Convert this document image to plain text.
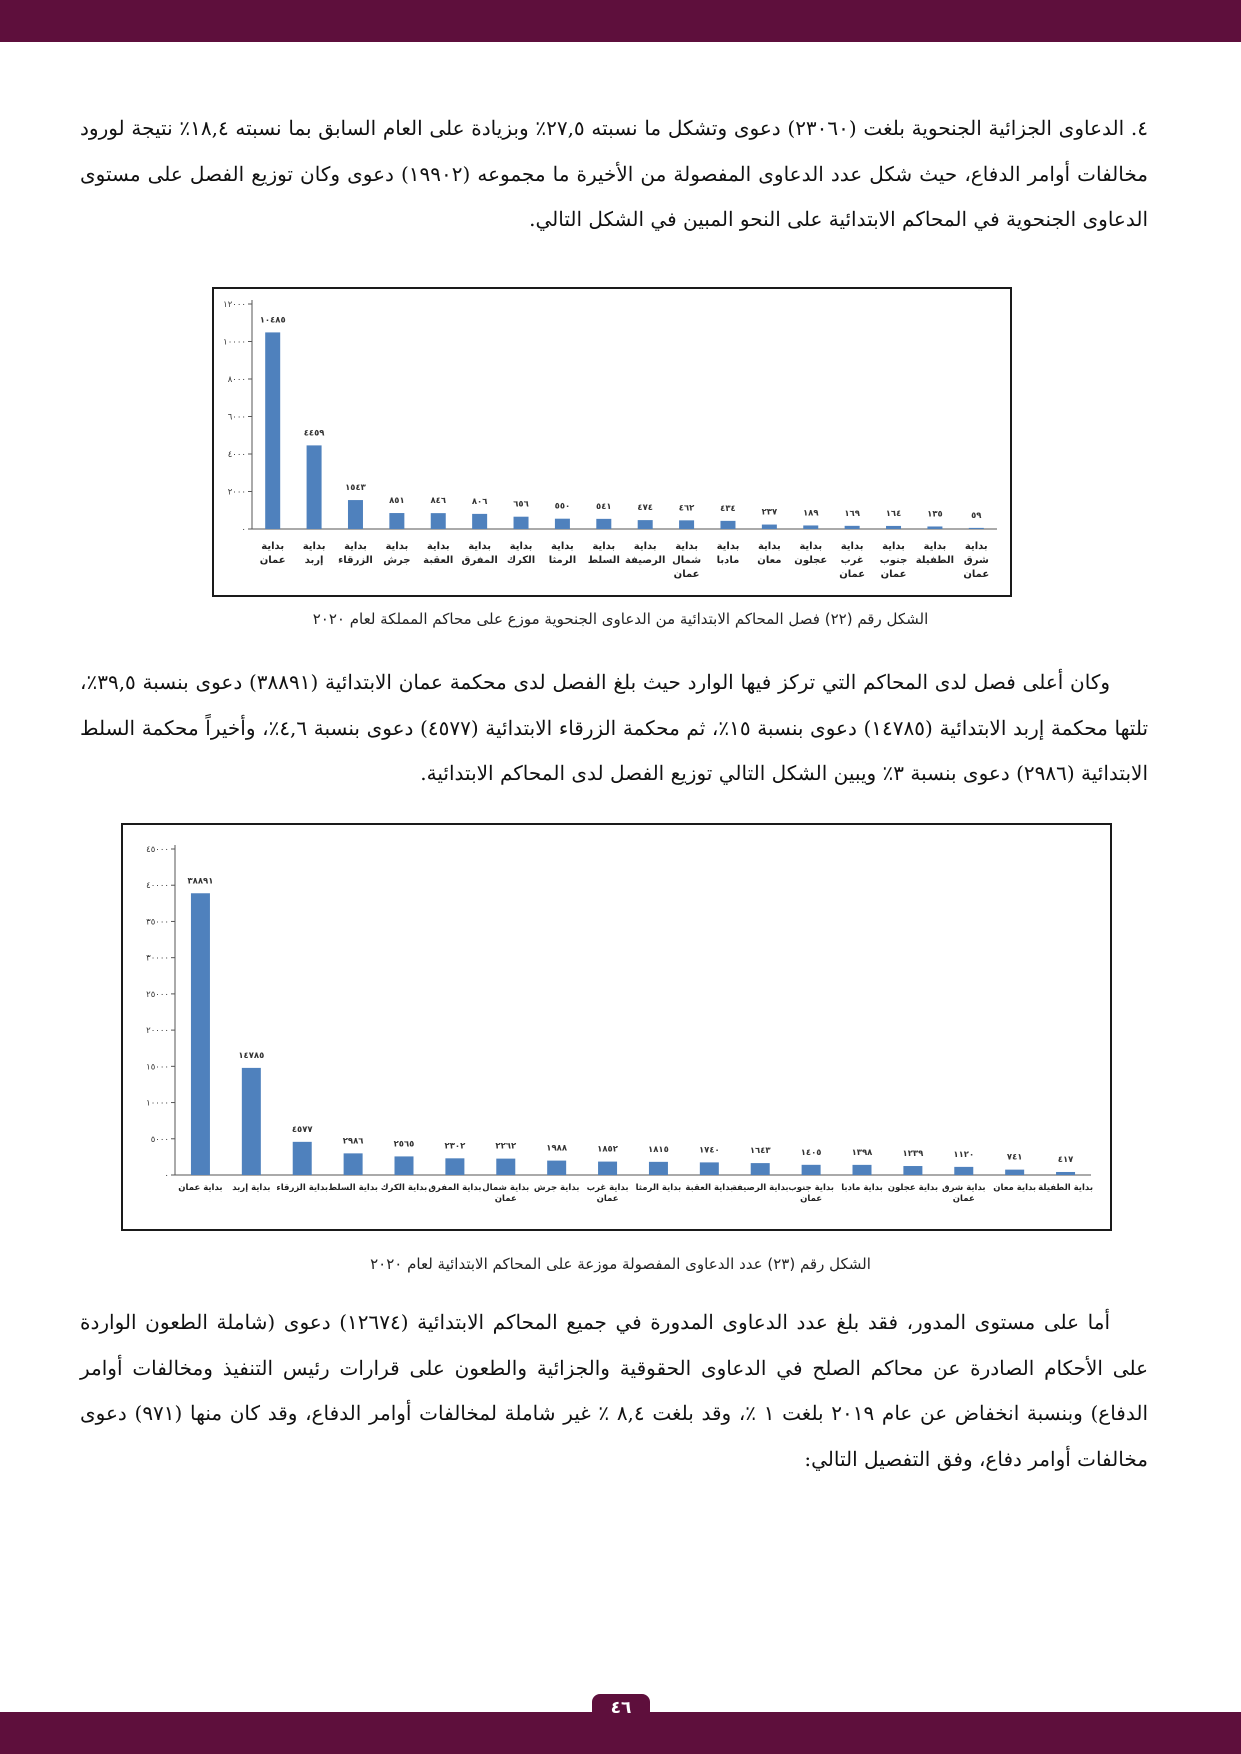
٤. الدعاوى الجزائية الجنحوية بلغت (٢٣٠٦٠) دعوى وتشكل ما نسبته ٢٧,٥٪ وبزيادة على العام السابق بما نسبته ١٨,٤٪ نتيجة لورود مخالفات أوامر الدفاع، حيث شكل عدد الدعاوى المفصولة من الأخيرة ما مجموعه (١٩٩٠٢) دعوى وكان توزيع الفصل على مستوى الدعاوى الجنحوية في المحاكم الابتدائية على النحو المبين في الشكل التالي.

٠
٢٠٠٠
٤٠٠٠
٦٠٠٠
٨٠٠٠
١٠٠٠٠
١٢٠٠٠
١٠٤٨٥
بداية عمان
٤٤٥٩
بداية إربد
١٥٤٣
بداية الزرقاء
٨٥١
بداية جرش
٨٤٦
بداية العقبة
٨٠٦
بداية المفرق
٦٥٦
بداية الكرك
٥٥٠
بداية الرمثا
٥٤١
بداية السلط
٤٧٤
بداية الرصيفة
٤٦٢
بداية شمال عمان
٤٣٤
بداية مادبا
٢٣٧
بداية معان
١٨٩
بداية عجلون
١٦٩
بداية غرب عمان
١٦٤
بداية جنوب عمان
١٣٥
بداية الطفيلة
٥٩
بداية شرق عمان
الشكل رقم (٢٢) فصل المحاكم الابتدائية من الدعاوى الجنحوية موزع على محاكم المملكة لعام ٢٠٢٠

وكان أعلى فصل لدى المحاكم التي تركز فيها الوارد حيث بلغ الفصل لدى محكمة عمان الابتدائية (٣٨٨٩١) دعوى بنسبة ٣٩,٥٪، تلتها محكمة إربد الابتدائية (١٤٧٨٥) دعوى بنسبة ١٥٪، ثم محكمة الزرقاء الابتدائية (٤٥٧٧) دعوى بنسبة ٤,٦٪، وأخيراً محكمة السلط الابتدائية (٢٩٨٦) دعوى بنسبة ٣٪ ويبين الشكل التالي توزيع الفصل لدى المحاكم الابتدائية.

٠
٥٠٠٠
١٠٠٠٠
١٥٠٠٠
٢٠٠٠٠
٢٥٠٠٠
٣٠٠٠٠
٣٥٠٠٠
٤٠٠٠٠
٤٥٠٠٠
٣٨٨٩١
بداية عمان
١٤٧٨٥
بداية إربد
٤٥٧٧
بداية الزرقاء
٢٩٨٦
بداية السلط
٢٥٦٥
بداية الكرك
٢٣٠٢
بداية المفرق
٢٢٦٢
بداية شمال عمان
١٩٨٨
بداية جرش
١٨٥٢
بداية غرب عمان
١٨١٥
بداية الرمثا
١٧٤٠
بداية العقبة
١٦٤٣
بداية الرصيفة
١٤٠٥
بداية جنوب عمان
١٣٩٨
بداية مادبا
١٢٣٩
بداية عجلون
١١٢٠
بداية شرق عمان
٧٤١
بداية معان
٤١٧
بداية الطفيلة
الشكل رقم (٢٣) عدد الدعاوى المفصولة موزعة على المحاكم الابتدائية لعام ٢٠٢٠

أما على مستوى المدور، فقد بلغ عدد الدعاوى المدورة في جميع المحاكم الابتدائية (١٢٦٧٤) دعوى (شاملة الطعون الواردة على الأحكام الصادرة عن محاكم الصلح في الدعاوى الحقوقية والجزائية والطعون على قرارات رئيس التنفيذ ومخالفات أوامر الدفاع) وبنسبة انخفاض عن عام ٢٠١٩ بلغت ١ ٪، وقد بلغت ٨,٤ ٪ غير شاملة لمخالفات أوامر الدفاع، وقد كان منها (٩٧١) دعوى مخالفات أوامر دفاع، وفق التفصيل التالي:

٤٦
